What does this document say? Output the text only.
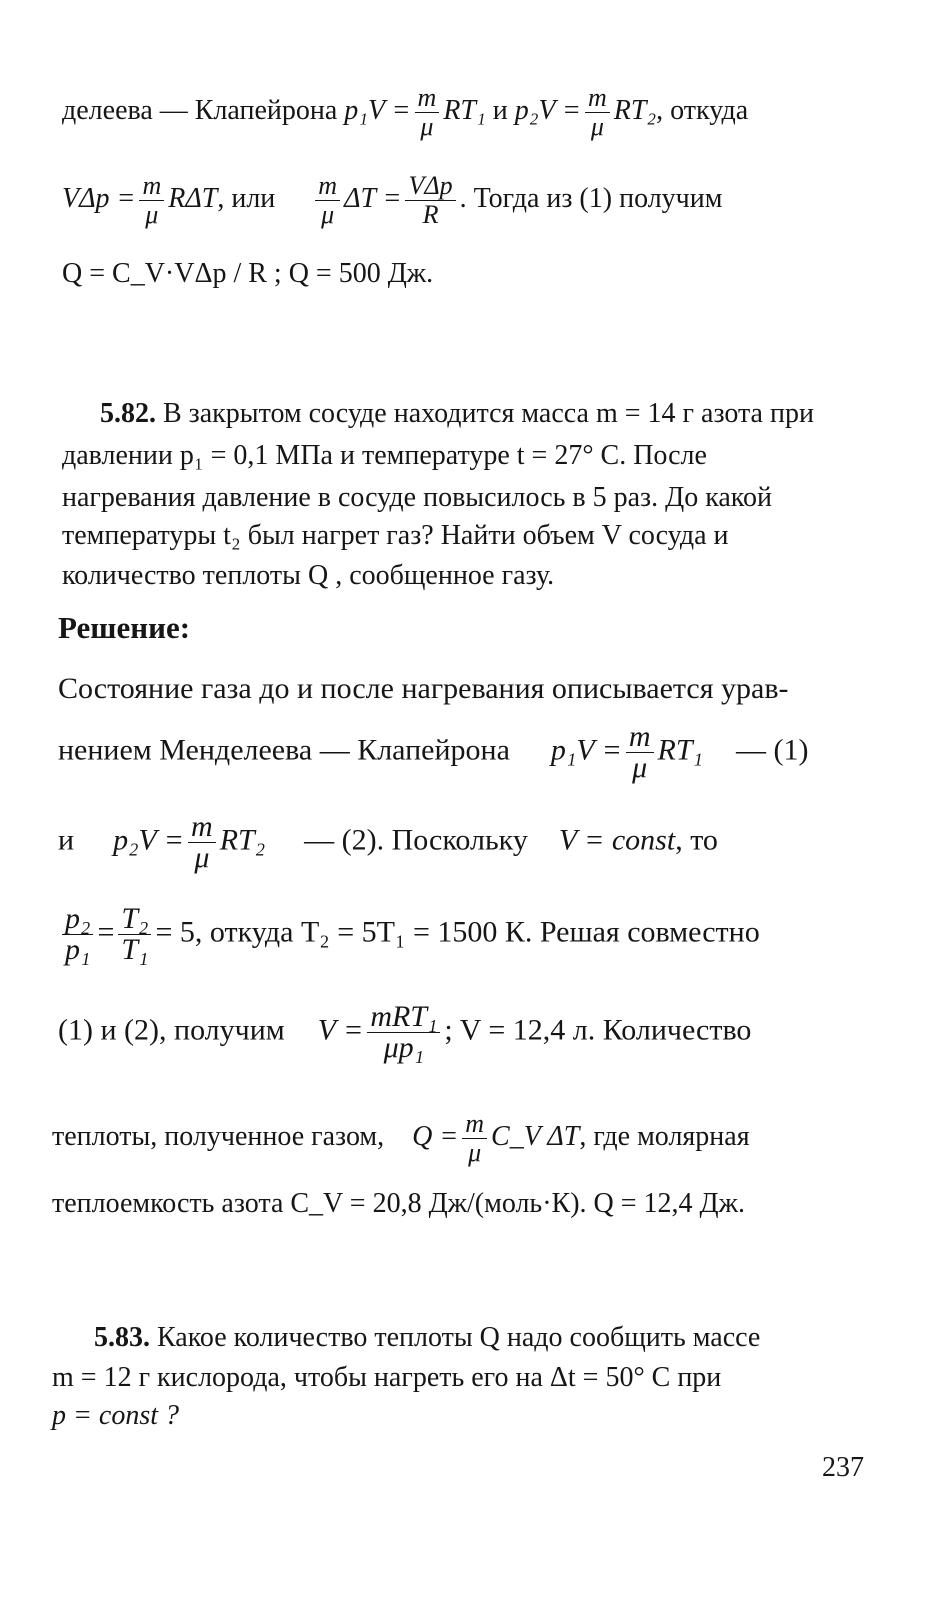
делеева — Клапейрона $p_1V = \frac{m}{\mu} RT_1$ и $p_2V = \frac{m}{\mu} RT_2$, откуда
$V\Delta p = \frac{m}{\mu} R\Delta T$, или $\frac{m}{\mu}$ $\Delta T = \frac{\text{VΔp}}{R}$ . Тогда из (1) получим
Q = C_V·VΔp / R ; Q = 500 Дж.
5.82. В закрытом сосуде находится масса m = 14 г азота при
давлении p₁ = 0,1 МПа и температуре t = 27° С. После
нагревания давление в сосуде повысилось в 5 раз. До какой
температуры t₂ был нагрет газ? Найти объем V сосуда и
количество теплоты Q , сообщенное газу.
Решение:
Состояние газа до и после нагревания описывается урав-
нением Менделеева — Клапейрона $p_1V = \frac{m}{\mu} RT_1$ — (1)
и $p_2V = \frac{m}{\mu} RT_2$ — (2). Поскольку V = const, то
$\frac{\text{p₂}}{\text{p₁}} = \frac{\text{T₂}}{\text{T₁}} = 5$, откуда T₂ = 5T₁ = 1500 К. Решая совместно
(1) и (2), получим $V = \frac{\text{mRT₁}}{\text{μp₁}}$ ; V = 12,4 л. Количество
теплоты, полученное газом, $Q = \frac{m}{\mu}$ C_V ΔT, где молярная
теплоемкость азота C_V = 20,8 Дж/(моль·К). Q = 12,4 Дж.
5.83. Какое количество теплоты Q надо сообщить массе
m = 12 г кислорода, чтобы нагреть его на Δt = 50° С при
p = const ?
237
